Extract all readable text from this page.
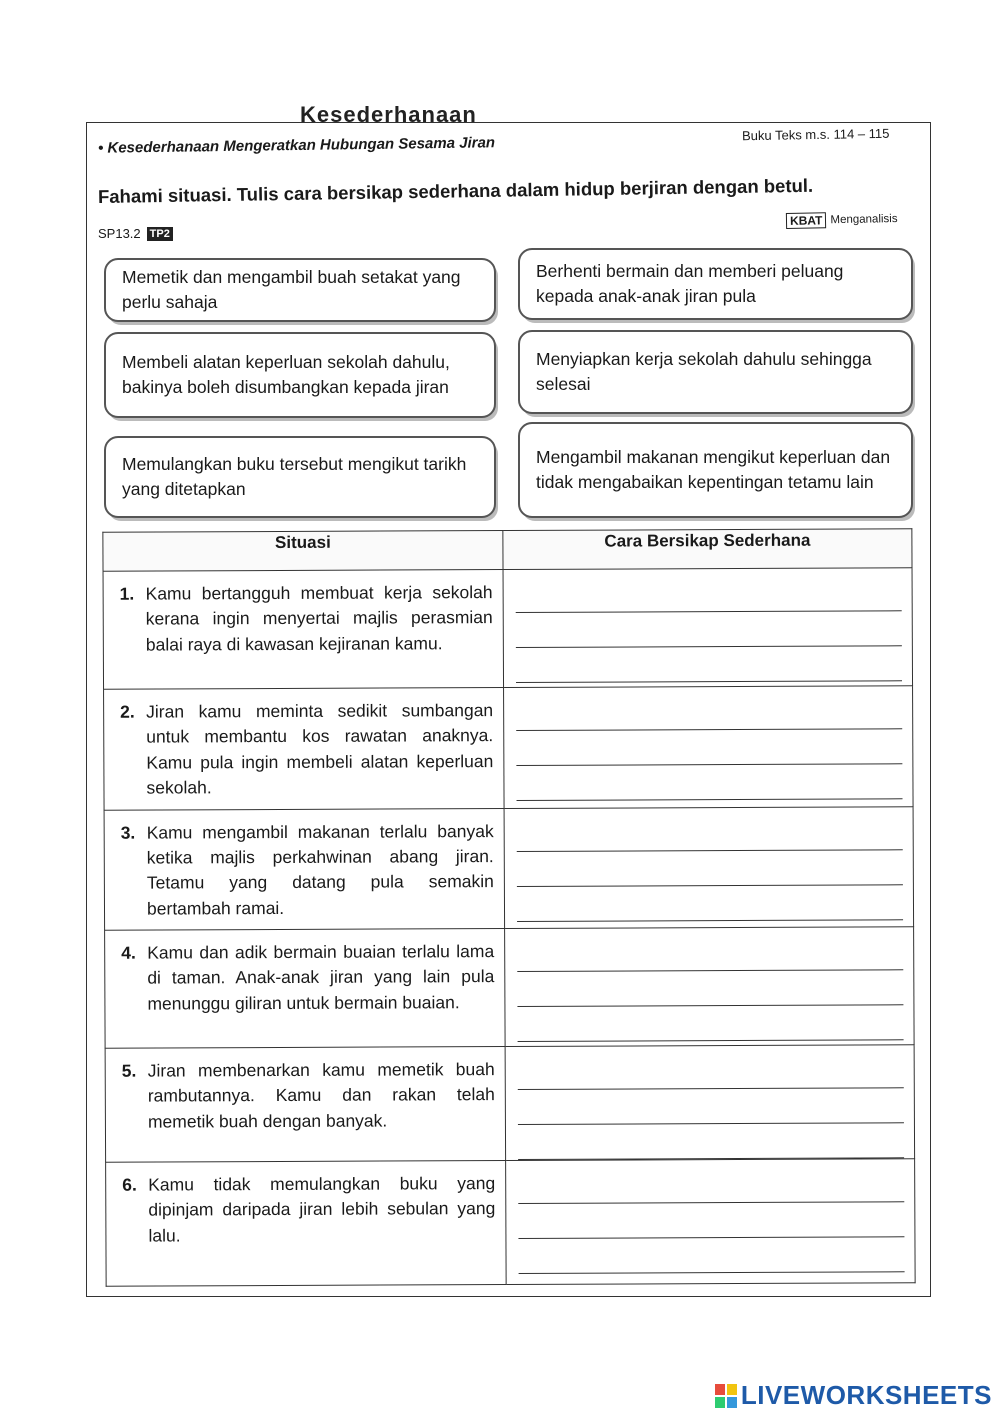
Kesederhanaan
• Kesederhanaan Mengeratkan Hubungan Sesama Jiran	Buku Teks m.s. 114 – 115
Fahami situasi. Tulis cara bersikap sederhana dalam hidup berjiran dengan betul.
SP13.2 TP2
KBAT Menganalisis
Memetik dan mengambil buah setakat yang perlu sahaja
Berhenti bermain dan memberi peluang kepada anak-anak jiran pula
Membeli alatan keperluan sekolah dahulu, bakinya boleh disumbangkan kepada jiran
Menyiapkan kerja sekolah dahulu sehingga selesai
Memulangkan buku tersebut mengikut tarikh yang ditetapkan
Mengambil makanan mengikut keperluan dan tidak mengabaikan kepentingan tetamu lain
Situasi	Cara Bersikap Sederhana

1. Kamu bertangguh membuat kerja sekolah kerana ingin menyertai majlis perasmian balai raya di kawasan kejiranan kamu.	

2. Jiran kamu meminta sedikit sumbangan untuk membantu kos rawatan anaknya. Kamu pula ingin membeli alatan keperluan sekolah.	

3. Kamu mengambil makanan terlalu banyak ketika majlis perkahwinan abang jiran. Tetamu yang datang pula semakin bertambah ramai.	

4. Kamu dan adik bermain buaian terlalu lama di taman. Anak-anak jiran yang lain pula menunggu giliran untuk bermain buaian.	

5. Jiran membenarkan kamu memetik buah rambutannya. Kamu dan rakan telah memetik buah dengan banyak.	

6. Kamu tidak memulangkan buku yang dipinjam daripada jiran lebih sebulan yang lalu.	

LIVEWORKSHEETS
